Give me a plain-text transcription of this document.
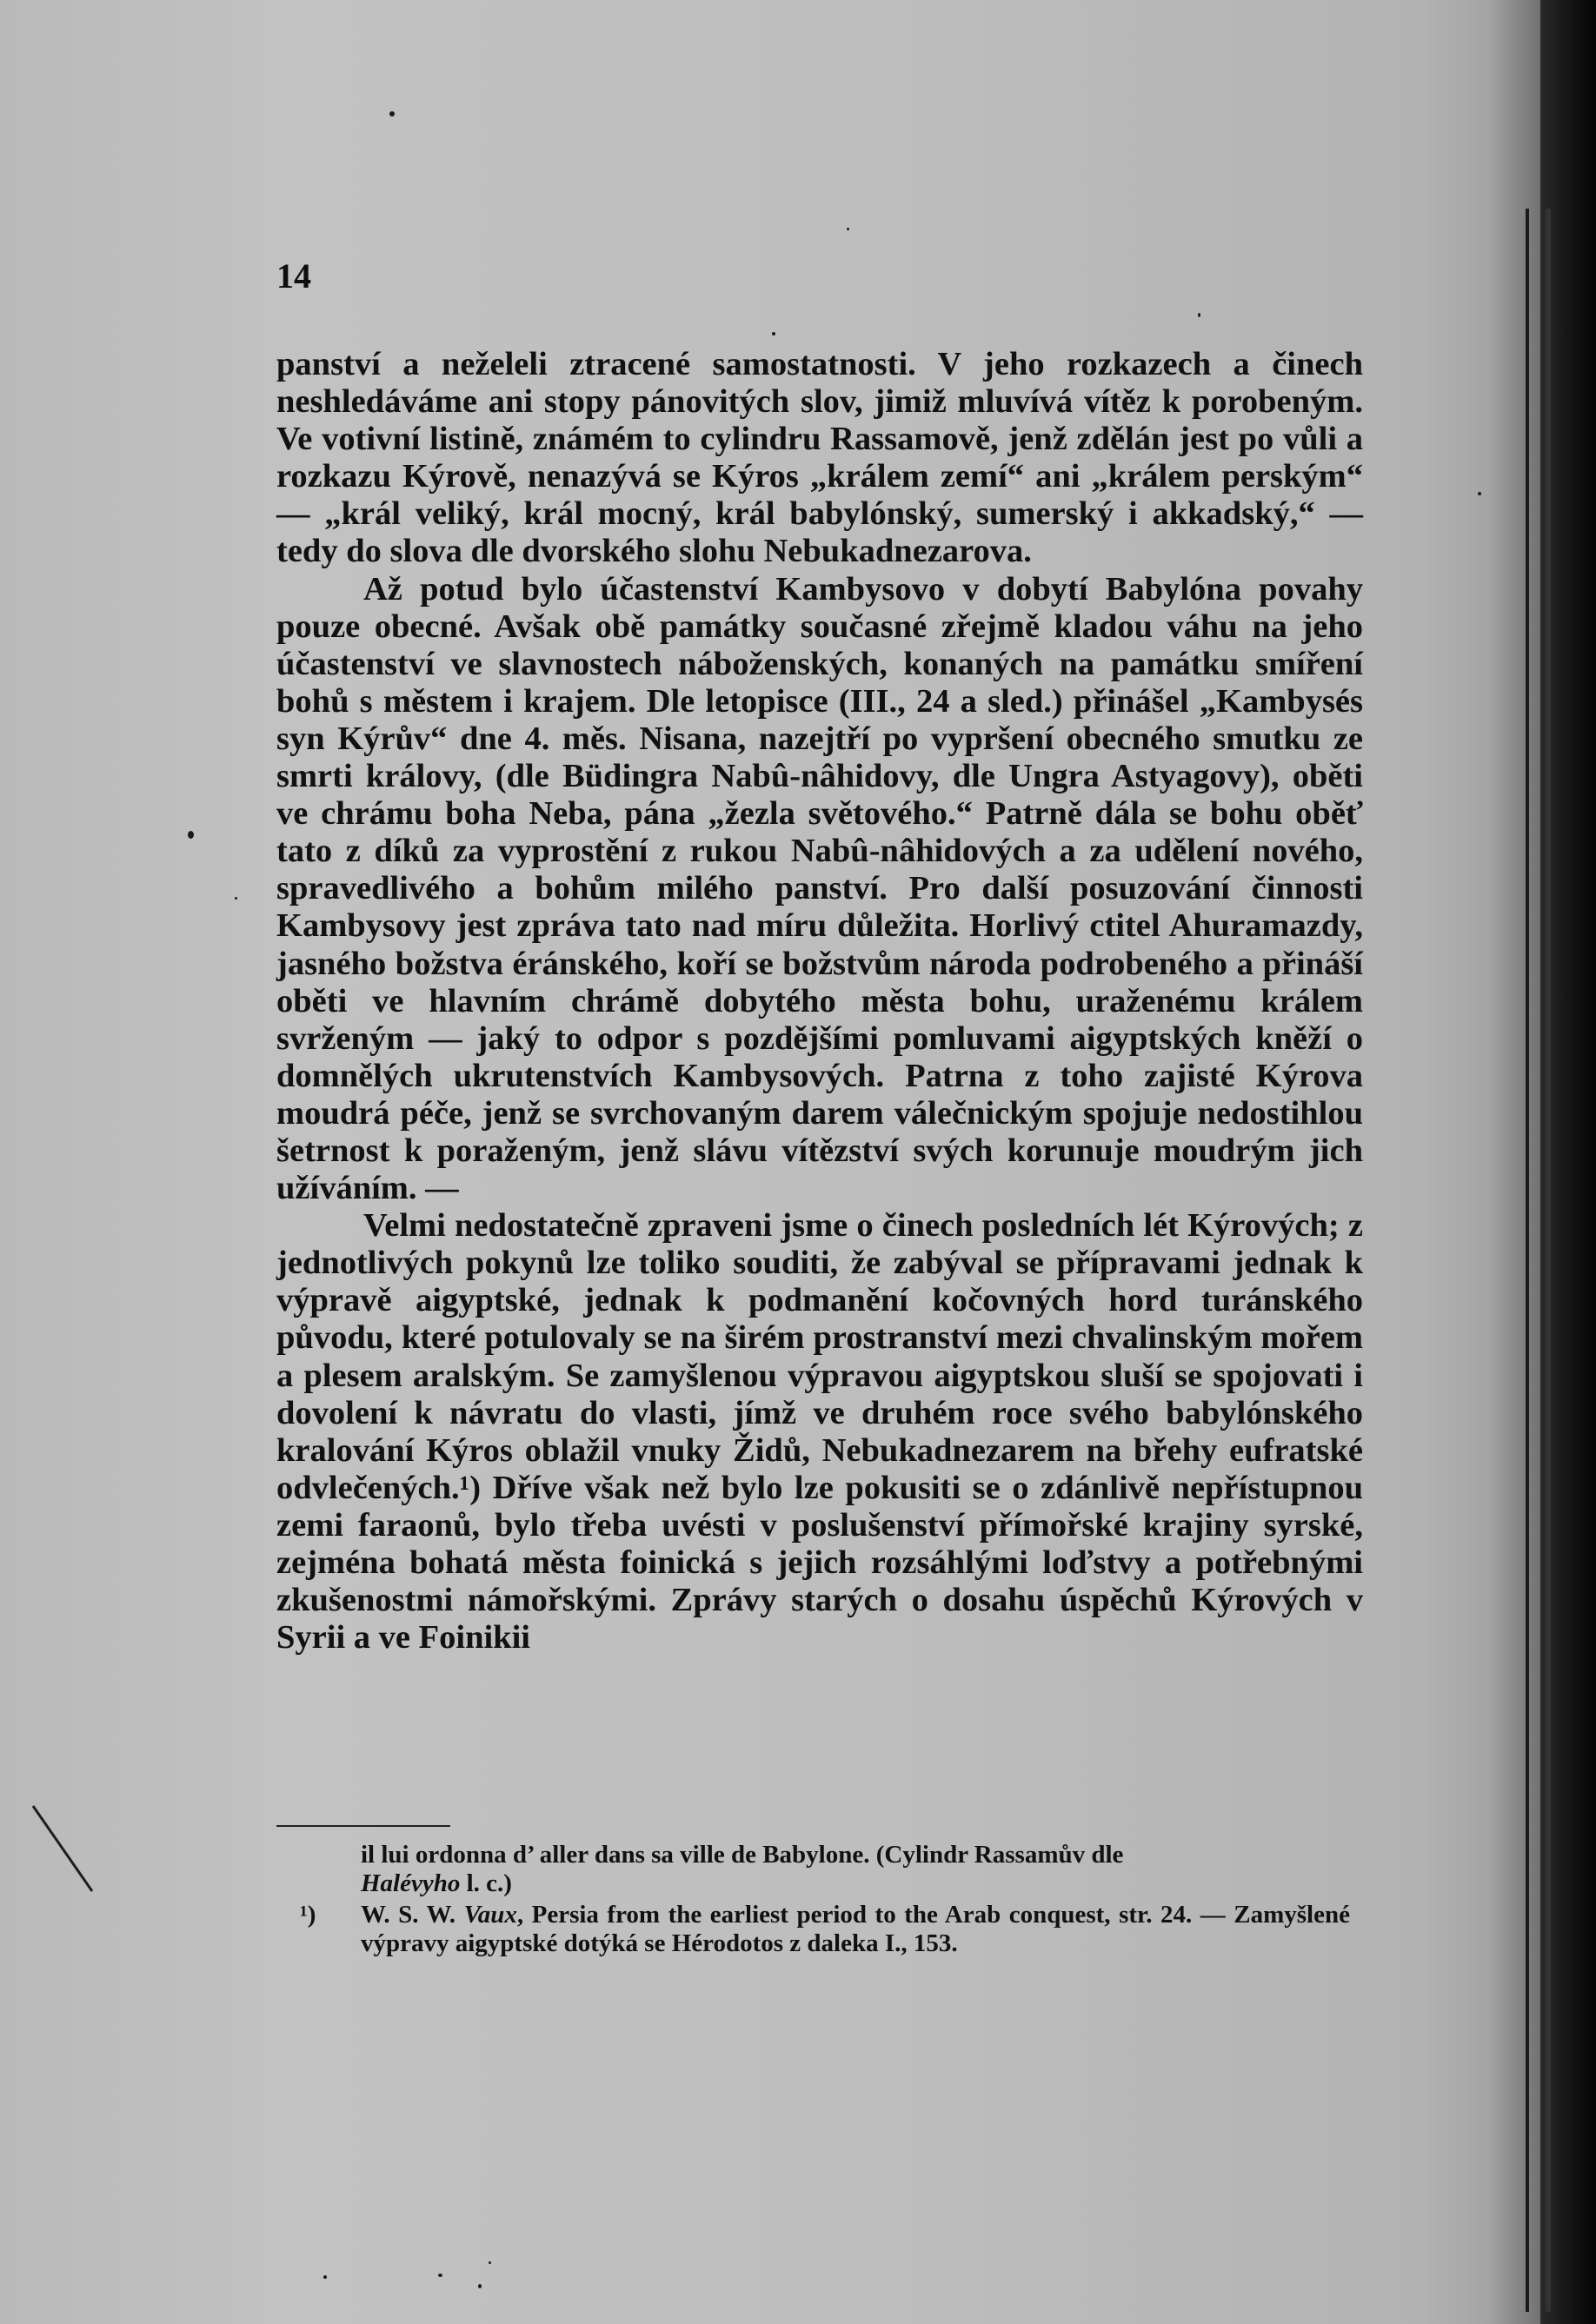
14

panství a neželeli ztracené samostatnosti. V jeho rozkazech a činech neshledáváme ani stopy pánovitých slov, jimiž mluvívá vítěz k porobeným. Ve votivní listině, známém to cylindru Rassamově, jenž zdělán jest po vůli a rozkazu Kýrově, nenazývá se Kýros „králem zemí“ ani „králem perským“ — „král veliký, král mocný, král babylónský, sumerský i akkadský,“ — tedy do slova dle dvorského slohu Nebukadnezarova.

Až potud bylo účastenství Kambysovo v dobytí Babylóna povahy pouze obecné. Avšak obě památky současné zřejmě kladou váhu na jeho účastenství ve slavnostech náboženských, konaných na památku smíření bohů s městem i krajem. Dle letopisce (III., 24 a sled.) přinášel „Kambysés syn Kýrův“ dne 4. měs. Nisana, nazejtří po vypršení obecného smutku ze smrti královy, (dle Büdingra Nabû-nâhidovy, dle Ungra Astyagovy), oběti ve chrámu boha Neba, pána „žezla světového.“ Patrně dála se bohu oběť tato z díků za vyprostění z rukou Nabû-nâhidových a za udělení nového, spravedlivého a bohům milého panství. Pro další posuzování činnosti Kambysovy jest zpráva tato nad míru důležita. Horlivý ctitel Ahuramazdy, jasného božstva éránského, koří se božstvům národa podrobeného a přináší oběti ve hlavním chrámě dobytého města bohu, uraženému králem svrženým — jaký to odpor s pozdějšími pomluvami aigyptských kněží o domnělých ukrutenstvích Kambysových. Patrna z toho zajisté Kýrova moudrá péče, jenž se svrchovaným darem válečnickým spojuje nedostihlou šetrnost k poraženým, jenž slávu vítězství svých korunuje moudrým jich užíváním. —

Velmi nedostatečně zpraveni jsme o činech posledních lét Kýrových; z jednotlivých pokynů lze toliko souditi, že zabýval se přípravami jednak k výpravě aigyptské, jednak k podmanění kočovných hord turánského původu, které potulovaly se na širém prostranství mezi chvalinským mořem a plesem aralským. Se zamyšlenou výpravou aigyptskou sluší se spojovati i dovolení k návratu do vlasti, jímž ve druhém roce svého babylónského kralování Kýros oblažil vnuky Židů, Nebukadnezarem na břehy eufratské odvlečených.¹) Dříve však než bylo lze pokusiti se o zdánlivě nepřístupnou zemi faraonů, bylo třeba uvésti v poslušenství přímořské krajiny syrské, zejména bohatá města foinická s jejich rozsáhlými loďstvy a potřebnými zkušenostmi námořskými. Zprávy starých o dosahu úspěchů Kýrových v Syrii a ve Foinikii

il lui ordonna d’ aller dans sa ville de Babylone. (Cylindr Rassamův dle
Halévyho l. c.)

¹) W. S. W. Vaux, Persia from the earliest period to the Arab conquest, str. 24. — Zamyšlené výpravy aigyptské dotýká se Hérodotos z daleka I., 153.
